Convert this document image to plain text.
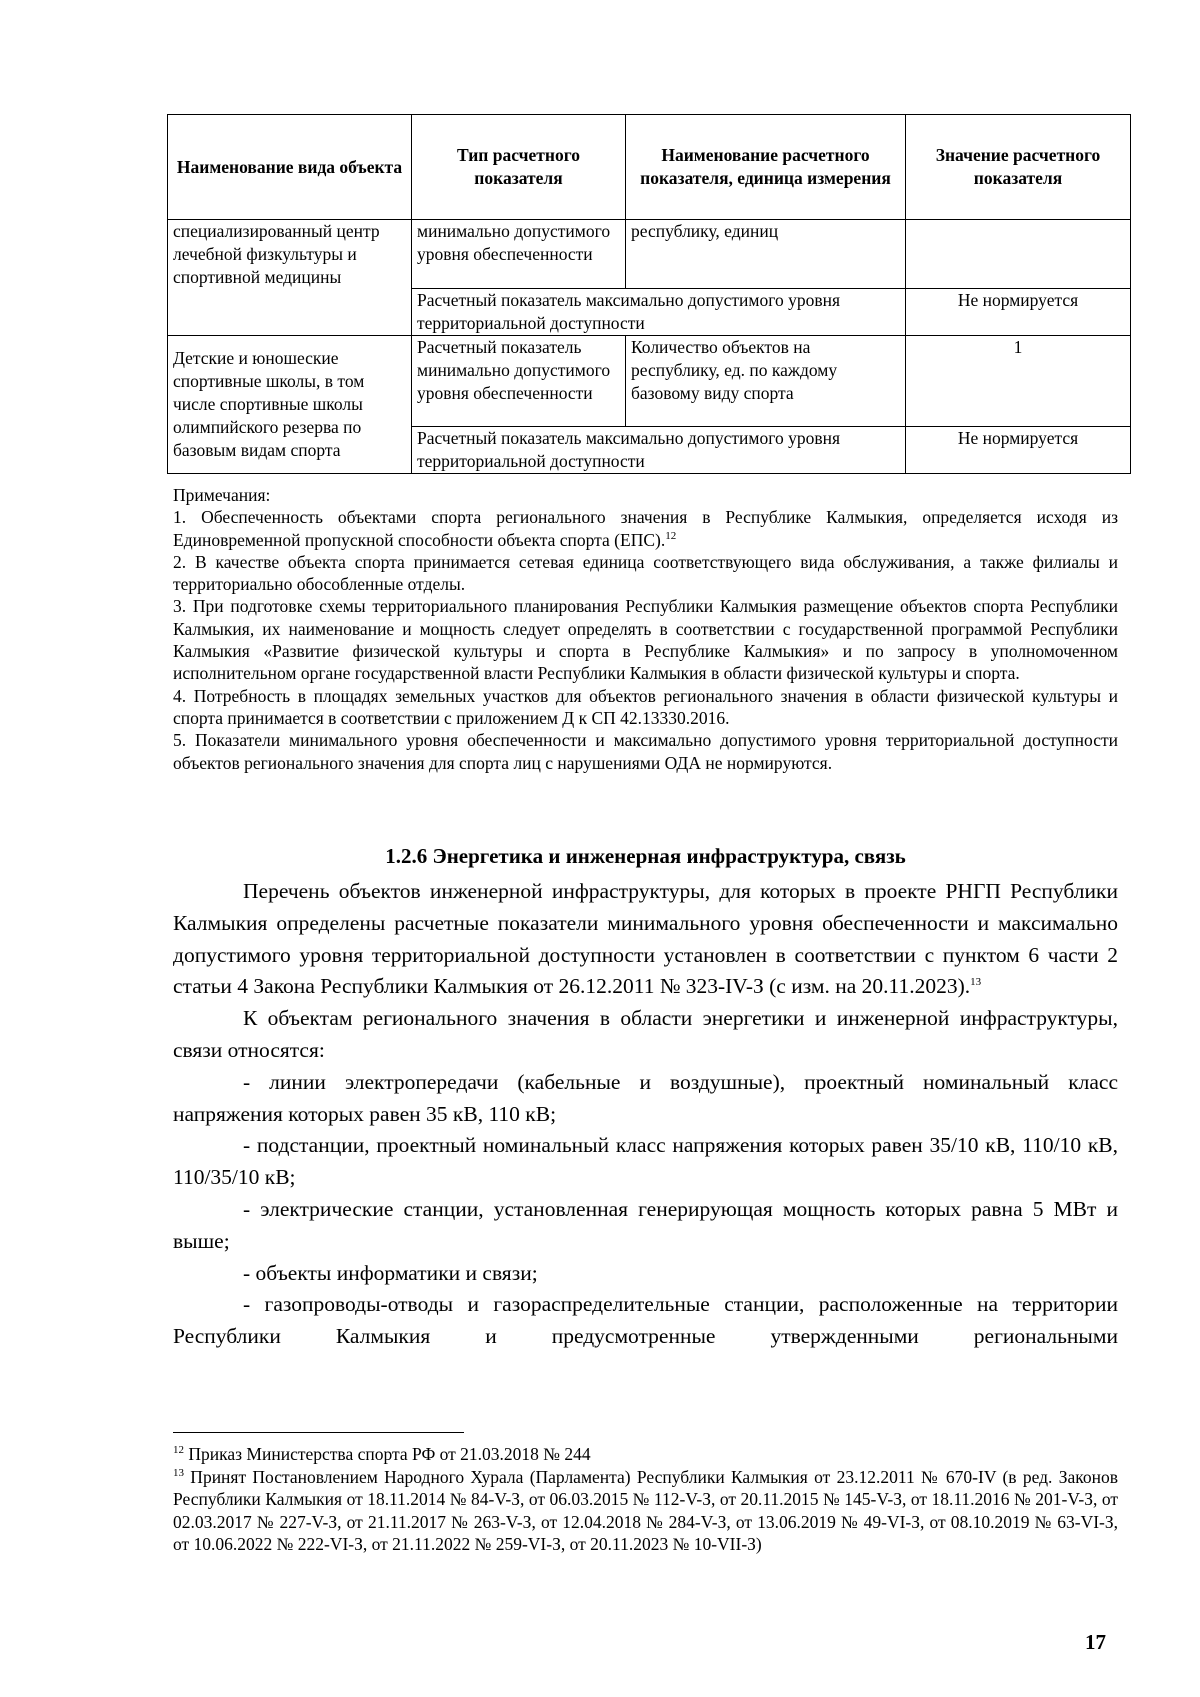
Наименование вида объекта	Тип расчетного показателя	Наименование расчетного показателя, единица измерения	Значение расчетного показателя
специализированный центр лечебной физкультуры и спортивной медицины	минимально допустимого уровня обеспеченности	республику, единиц	
	Расчетный показатель максимально допустимого уровня территориальной доступности		Не нормируется
Детские и юношеские спортивные школы, в том числе спортивные школы олимпийского резерва по базовым видам спорта	Расчетный показатель минимально допустимого уровня обеспеченности	Количество объектов на республику, ед. по каждому базовому виду спорта	1
	Расчетный показатель максимально допустимого уровня территориальной доступности		Не нормируется

Примечания:

1. Обеспеченность объектами спорта регионального значения в Республике Калмыкия, определяется исходя из Единовременной пропускной способности объекта спорта (ЕПС).$^{12}$

2. В качестве объекта спорта принимается сетевая единица соответствующего вида обслуживания, а также филиалы и территориально обособленные отделы.

3. При подготовке схемы территориального планирования Республики Калмыкия размещение объектов спорта Республики Калмыкия, их наименование и мощность следует определять в соответствии с государственной программой Республики Калмыкия «Развитие физической культуры и спорта в Республике Калмыкия» и по запросу в уполномоченном исполнительном органе государственной власти Республики Калмыкия в области физической культуры и спорта.

4. Потребность в площадях земельных участков для объектов регионального значения в области физической культуры и спорта принимается в соответствии с приложением Д к СП 42.13330.2016.

5. Показатели минимального уровня обеспеченности и максимально допустимого уровня территориальной доступности объектов регионального значения для спорта лиц с нарушениями ОДА не нормируются.

1.2.6 Энергетика и инженерная инфраструктура, связь

Перечень объектов инженерной инфраструктуры, для которых в проекте РНГП Республики Калмыкия определены расчетные показатели минимального уровня обеспеченности и максимально допустимого уровня территориальной доступности установлен в соответствии с пунктом 6 части 2 статьи 4 Закона Республики Калмыкия от 26.12.2011 № 323-IV-З (с изм. на 20.11.2023).$^{13}$

К объектам регионального значения в области энергетики и инженерной инфраструктуры, связи относятся:

- линии электропередачи (кабельные и воздушные), проектный номинальный класс напряжения которых равен 35 кВ, 110 кВ;

- подстанции, проектный номинальный класс напряжения которых равен 35/10 кВ, 110/10 кВ, 110/35/10 кВ;

- электрические станции, установленная генерирующая мощность которых равна 5 МВт и выше;

- объекты информатики и связи;

- газопроводы-отводы и газораспределительные станции, расположенные на территории Республики Калмыкия и предусмотренные утвержденными региональными

$^{12}$ Приказ Министерства спорта РФ от 21.03.2018 № 244

$^{13}$ Принят Постановлением Народного Хурала (Парламента) Республики Калмыкия от 23.12.2011 № 670-IV (в ред. Законов Республики Калмыкия от 18.11.2014 № 84-V-З, от 06.03.2015 № 112-V-З, от 20.11.2015 № 145-V-З, от 18.11.2016 № 201-V-З, от 02.03.2017 № 227-V-З, от 21.11.2017 № 263-V-З, от 12.04.2018 № 284-V-З, от 13.06.2019 № 49-VI-З, от 08.10.2019 № 63-VI-З, от 10.06.2022 № 222-VI-З, от 21.11.2022 № 259-VI-З, от 20.11.2023 № 10-VII-З)

17
